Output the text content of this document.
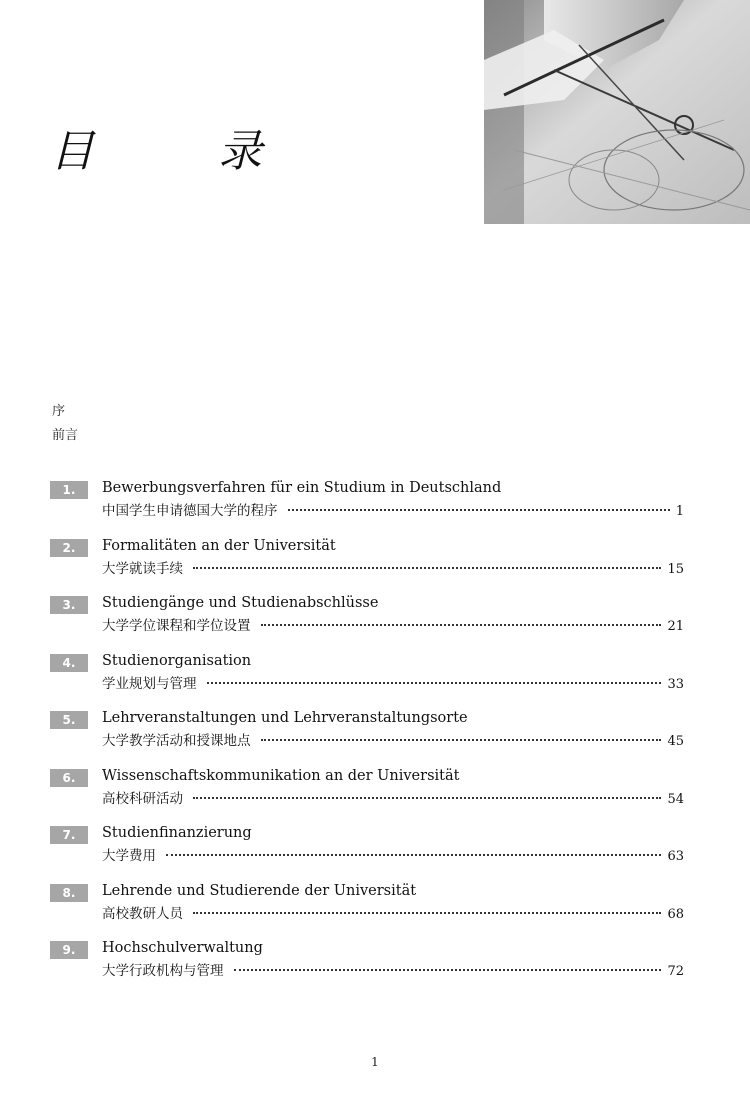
目　录
序
前言
1.	Bewerbungsverfahren für ein Studium in Deutschland
中国学生申请德国大学的程序	1
2.	Formalitäten an der Universität
大学就读手续	15
3.	Studiengänge und Studienabschlüsse
大学学位课程和学位设置	21
4.	Studienorganisation
学业规划与管理	33
5.	Lehrveranstaltungen und Lehrveranstaltungsorte
大学教学活动和授课地点	45
6.	Wissenschaftskommunikation an der Universität
高校科研活动	54
7.	Studienfinanzierung
大学费用	63
8.	Lehrende und Studierende der Universität
高校教研人员	68
9.	Hochschulverwaltung
大学行政机构与管理	72
1
